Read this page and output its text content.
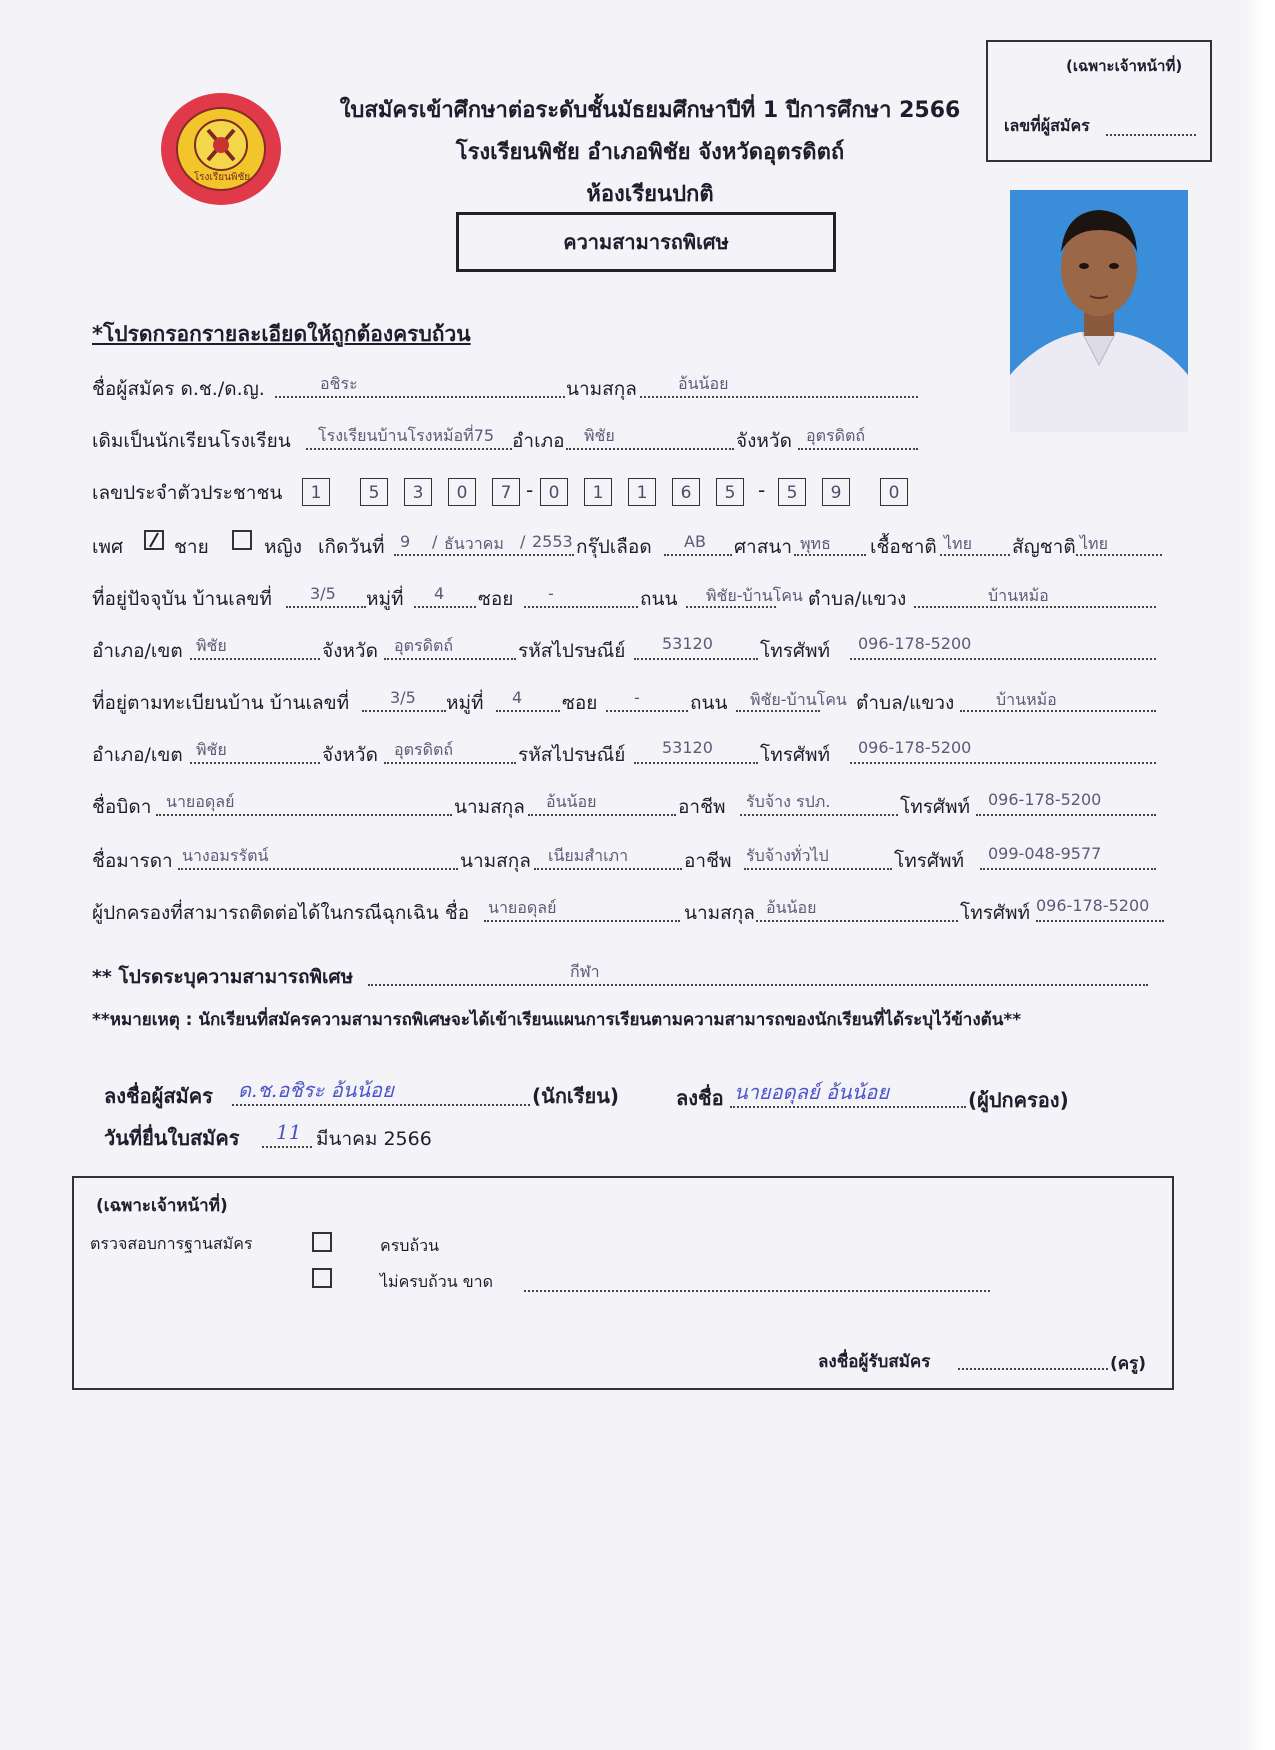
โรงเรียนพิชัย
ใบสมัครเข้าศึกษาต่อระดับชั้นมัธยมศึกษาปีที่ 1 ปีการศึกษา 2566
โรงเรียนพิชัย อำเภอพิชัย จังหวัดอุตรดิตถ์
ห้องเรียนปกติ
ความสามารถพิเศษ
(เฉพาะเจ้าหน้าที่)
เลขที่ผู้สมัคร
*โปรดกรอกรายละเอียดให้ถูกต้องครบถ้วน
ชื่อผู้สมัคร ด.ช./ด.ญ.	อชิระ	นามสกุล	อ้นน้อย
เดิมเป็นนักเรียนโรงเรียน โรงเรียนบ้านโรงหม้อที่75 อำเภอ พิชัย	จังหวัด อุตรดิตถ์
เลขประจำตัวประชาชน	1	5	3	0	7 - 0	1	1	6	5	-	5	9	0
เพศ	ชาย	หญิง เกิดวันที่ 9 / ธันวาคม / 2553 กรุ๊ปเลือด AB ศาสนา พุทธ เชื้อชาติ ไทย สัญชาติ ไทย
ที่อยู่ปัจจุบัน บ้านเลขที่ 3/5 หมู่ที่ 4 ซอย -	ถนน พิชัย-บ้านโคน ตำบล/แขวง	บ้านหม้อ
อำเภอ/เขต พิชัย	จังหวัด อุตรดิตถ์	รหัสไปรษณีย์ 53120 โทรศัพท์ 096-178-5200
ที่อยู่ตามทะเบียนบ้าน บ้านเลขที่	3/5 หมู่ที่ 4 ซอย -	ถนน พิชัย-บ้านโคน ตำบล/แขวง	บ้านหม้อ
อำเภอ/เขต พิชัย	จังหวัด อุตรดิตถ์	รหัสไปรษณีย์ 53120 โทรศัพท์ 096-178-5200
ชื่อบิดา นายอดุลย์	นามสกุล อ้นน้อย	อาชีพ รับจ้าง รปภ.	โทรศัพท์ 096-178-5200
ชื่อมารดา นางอมรรัตน์	นามสกุล เนียมสำเภา	อาชีพ รับจ้างทั่วไป	โทรศัพท์ 099-048-9577
ผู้ปกครองที่สามารถติดต่อได้ในกรณีฉุกเฉิน ชื่อ นายอดุลย์	นามสกุล อ้นน้อย	โทรศัพท์ 096-178-5200
** โปรดระบุความสามารถพิเศษ	กีฬา
**หมายเหตุ : นักเรียนที่สมัครความสามารถพิเศษจะได้เข้าเรียนแผนการเรียนตามความสามารถของนักเรียนที่ได้ระบุไว้ข้างต้น**
ลงชื่อผู้สมัคร ด.ช.อชิระ อ้นน้อย	(นักเรียน)	ลงชื่อ นายอดุลย์ อ้นน้อย	(ผู้ปกครอง)
วันที่ยื่นใบสมัคร 11 มีนาคม 2566
(เฉพาะเจ้าหน้าที่)
ตรวจสอบการฐานสมัคร	ครบถ้วน
ไม่ครบถ้วน ขาด
ลงชื่อผู้รับสมัคร	(ครู)
